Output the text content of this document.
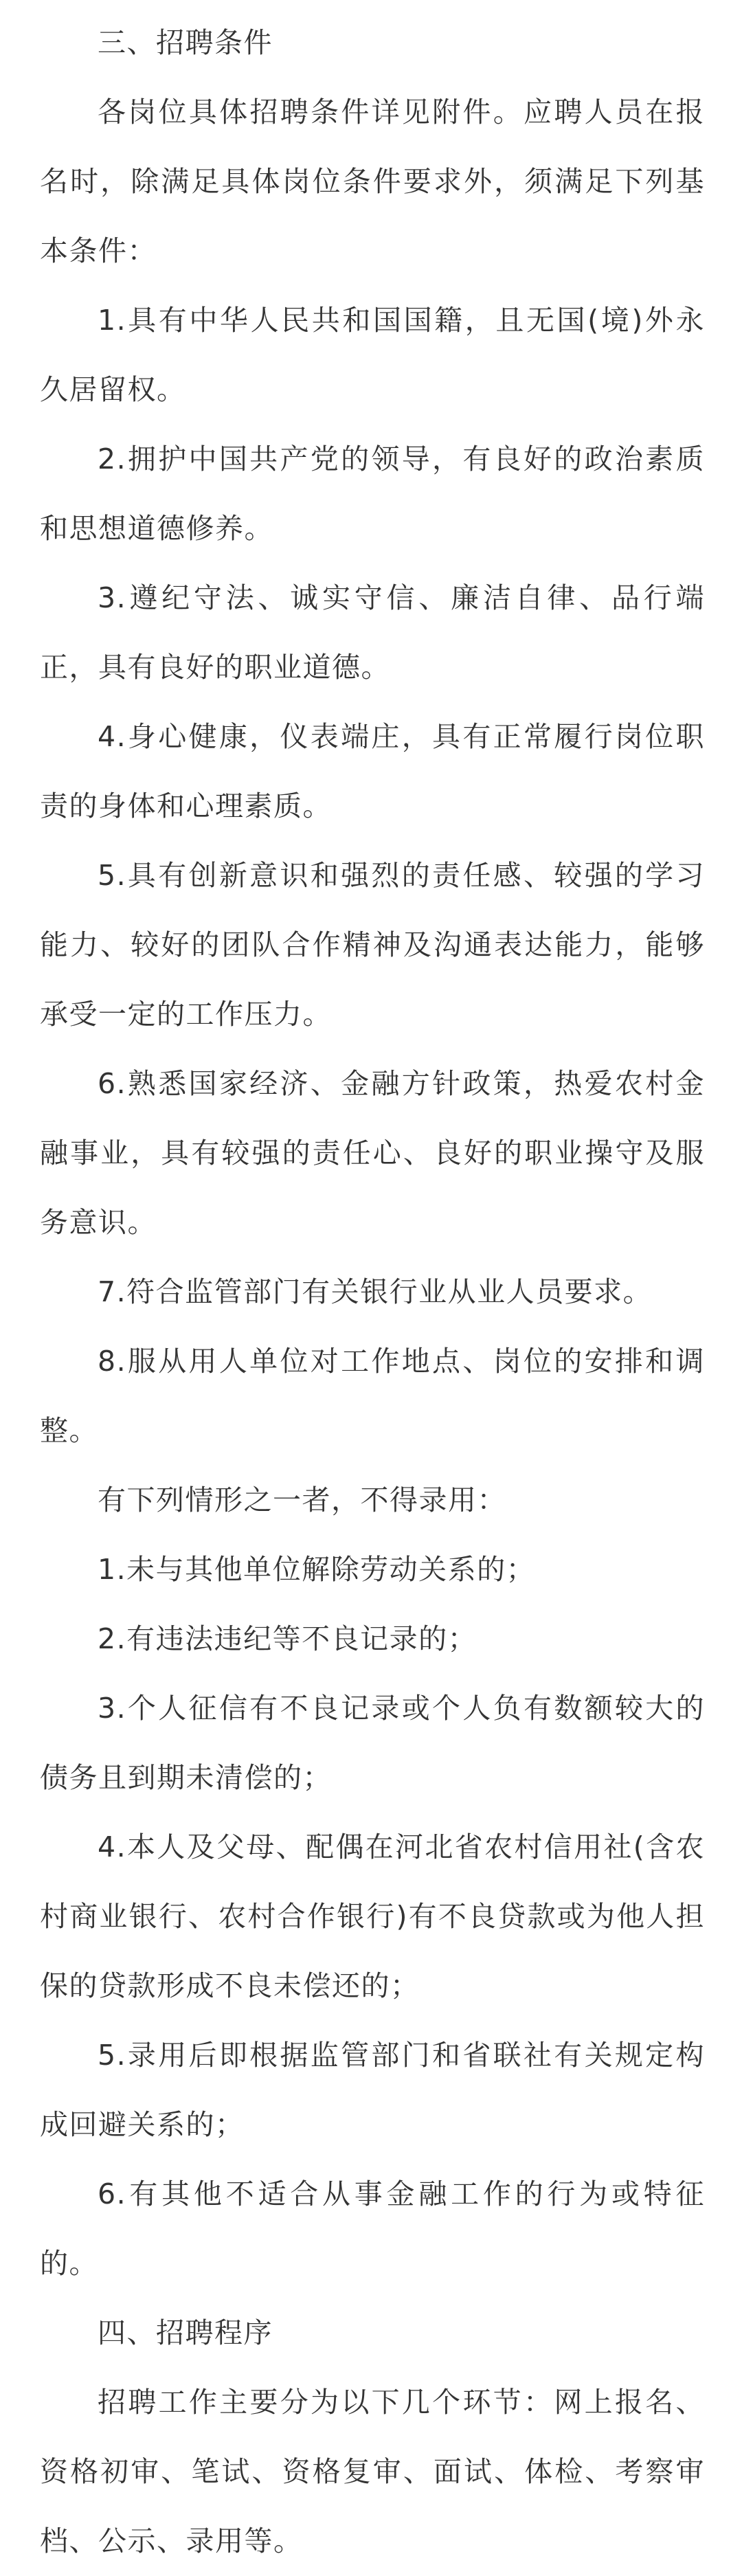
三、招聘条件

各岗位具体招聘条件详见附件。应聘人员在报名时，除满足具体岗位条件要求外，须满足下列基本条件：

1.具有中华人民共和国国籍，且无国(境)外永久居留权。

2.拥护中国共产党的领导，有良好的政治素质和思想道德修养。

3.遵纪守法、诚实守信、廉洁自律、品行端正，具有良好的职业道德。

4.身心健康，仪表端庄，具有正常履行岗位职责的身体和心理素质。

5.具有创新意识和强烈的责任感、较强的学习能力、较好的团队合作精神及沟通表达能力，能够承受一定的工作压力。

6.熟悉国家经济、金融方针政策，热爱农村金融事业，具有较强的责任心、良好的职业操守及服务意识。

7.符合监管部门有关银行业从业人员要求。

8.服从用人单位对工作地点、岗位的安排和调整。

有下列情形之一者，不得录用：

1.未与其他单位解除劳动关系的；

2.有违法违纪等不良记录的；

3.个人征信有不良记录或个人负有数额较大的债务且到期未清偿的；

4.本人及父母、配偶在河北省农村信用社(含农村商业银行、农村合作银行)有不良贷款或为他人担保的贷款形成不良未偿还的；

5.录用后即根据监管部门和省联社有关规定构成回避关系的；

6.有其他不适合从事金融工作的行为或特征的。

四、招聘程序

招聘工作主要分为以下几个环节：网上报名、资格初审、笔试、资格复审、面试、体检、考察审档、公示、录用等。
